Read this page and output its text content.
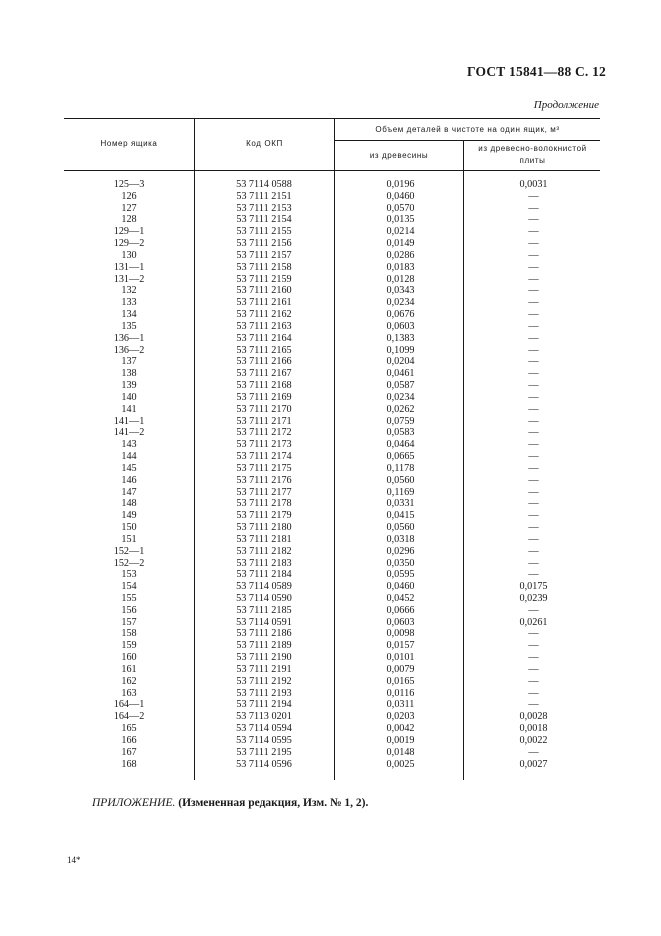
ГОСТ 15841—88 С. 12
Продолжение
Номер ящика	Код ОКП
Объем деталей в чистоте на один ящик, м³
из древесины
из древесно-волокнистой плиты
125—3	53 7114 0588	0,0196	0,0031
126	53 7111 2151	0,0460	—
127	53 7111 2153	0,0570	—
128	53 7111 2154	0,0135	—
129—1	53 7111 2155	0,0214	—
129—2	53 7111 2156	0,0149	—
130	53 7111 2157	0,0286	—
131—1	53 7111 2158	0,0183	—
131—2	53 7111 2159	0,0128	—
132	53 7111 2160	0,0343	—
133	53 7111 2161	0,0234	—
134	53 7111 2162	0,0676	—
135	53 7111 2163	0,0603	—
136—1	53 7111 2164	0,1383	—
136—2	53 7111 2165	0,1099	—
137	53 7111 2166	0,0204	—
138	53 7111 2167	0,0461	—
139	53 7111 2168	0,0587	—
140	53 7111 2169	0,0234	—
141	53 7111 2170	0,0262	—
141—1	53 7111 2171	0,0759	—
141—2	53 7111 2172	0,0583	—
143	53 7111 2173	0,0464	—
144	53 7111 2174	0,0665	—
145	53 7111 2175	0,1178	—
146	53 7111 2176	0,0560	—
147	53 7111 2177	0,1169	—
148	53 7111 2178	0,0331	—
149	53 7111 2179	0,0415	—
150	53 7111 2180	0,0560	—
151	53 7111 2181	0,0318	—
152—1	53 7111 2182	0,0296	—
152—2	53 7111 2183	0,0350	—
153	53 7111 2184	0,0595	—
154	53 7114 0589	0,0460	0,0175
155	53 7114 0590	0,0452	0,0239
156	53 7111 2185	0,0666	—
157	53 7114 0591	0,0603	0,0261
158	53 7111 2186	0,0098	—
159	53 7111 2189	0,0157	—
160	53 7111 2190	0,0101	—
161	53 7111 2191	0,0079	—
162	53 7111 2192	0,0165	—
163	53 7111 2193	0,0116	—
164—1	53 7111 2194	0,0311	—
164—2	53 7113 0201	0,0203	0,0028
165	53 7114 0594	0,0042	0,0018
166	53 7114 0595	0,0019	0,0022
167	53 7111 2195	0,0148	—
168	53 7114 0596	0,0025	0,0027
ПРИЛОЖЕНИЕ. (Измененная редакция, Изм. № 1, 2).
14*
